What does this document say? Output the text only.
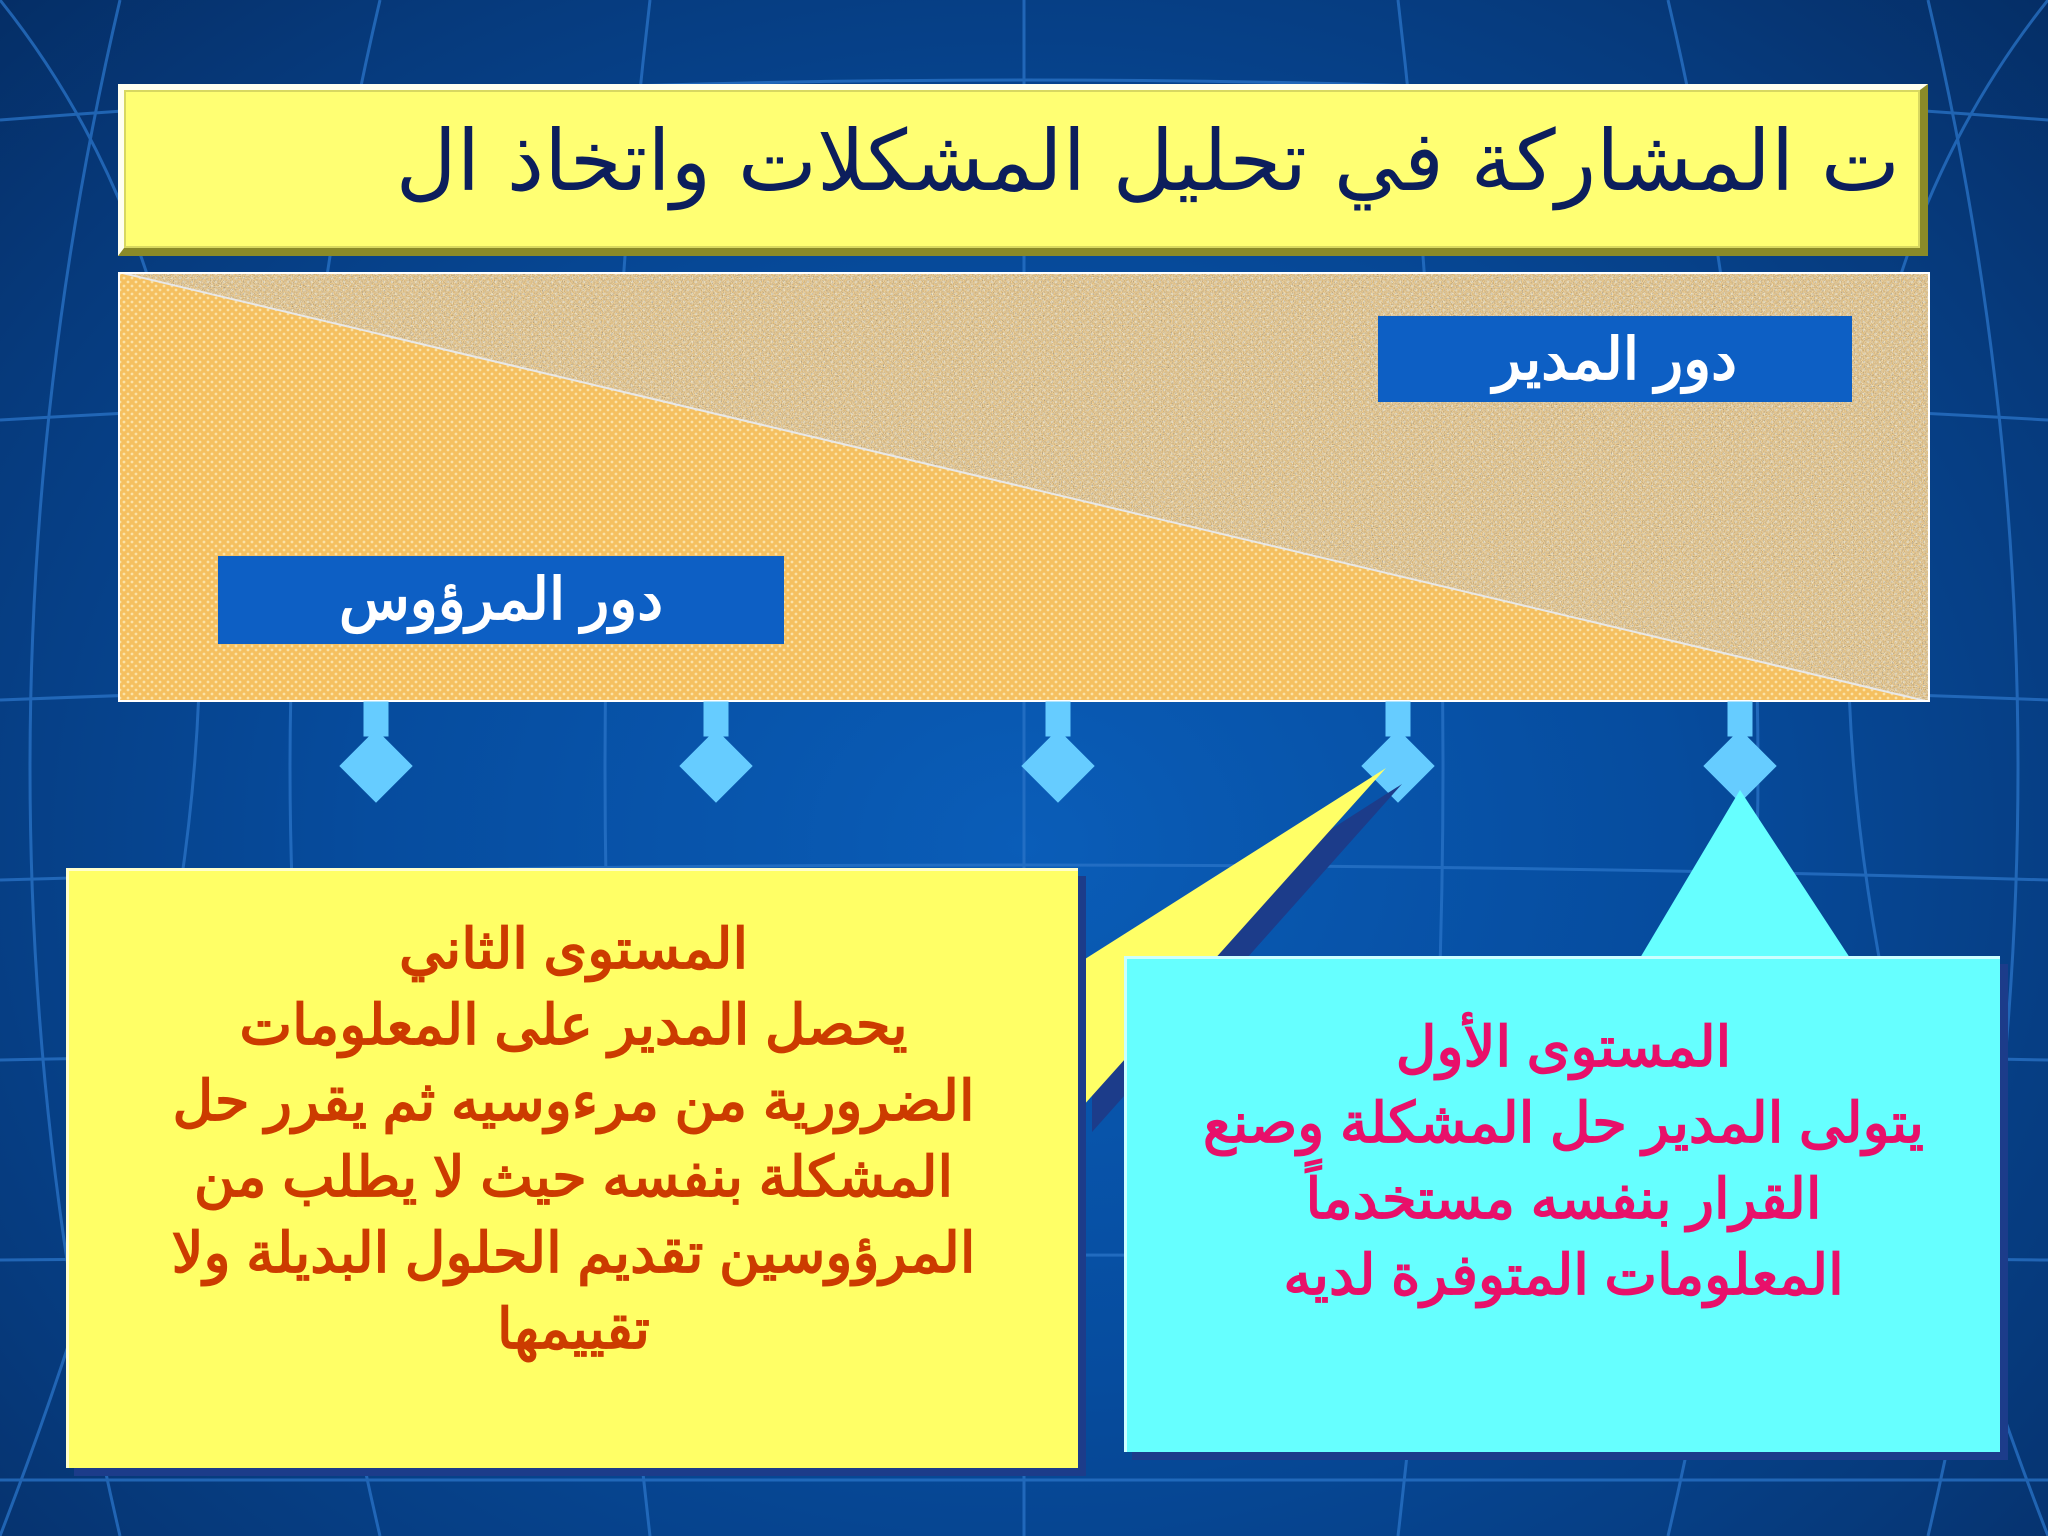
ت المشاركة في تحليل المشكلات واتخاذ ال
دور المدير
دور المرؤوس
المستوى الثاني
يحصل المدير على المعلومات
الضرورية من مرءوسيه ثم يقرر حل
المشكلة بنفسه حيث لا يطلب من
المرؤوسين تقديم الحلول البديلة ولا
تقييمها
المستوى الأول
يتولى المدير حل المشكلة وصنع
القرار بنفسه مستخدماً
المعلومات المتوفرة لديه
